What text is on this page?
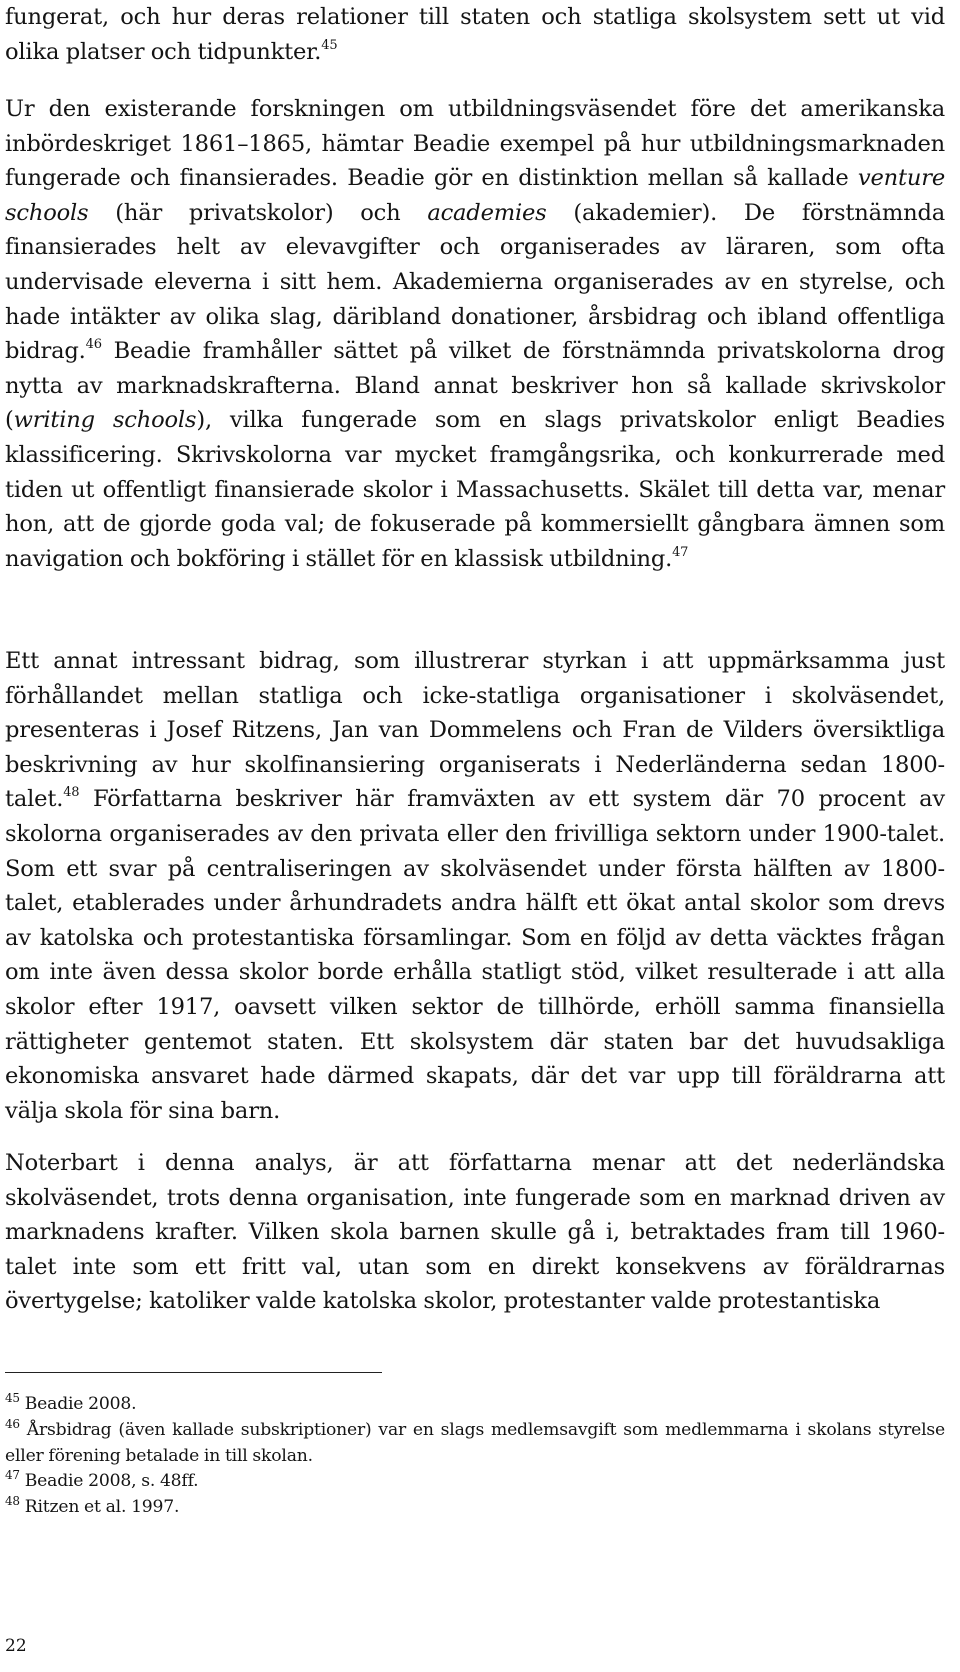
fungerat, och hur deras relationer till staten och statliga skolsystem sett ut vid olika platser och tidpunkter.$^{45}$

Ur den existerande forskningen om utbildningsväsendet före det amerikanska inbördeskriget 1861–1865, hämtar Beadie exempel på hur utbildningsmarknaden fungerade och finansierades. Beadie gör en distinktion mellan så kallade venture schools (här privatskolor) och academies (akademier). De förstnämnda finansierades helt av elevavgifter och organiserades av läraren, som ofta undervisade eleverna i sitt hem. Akademierna organiserades av en styrelse, och hade intäkter av olika slag, däribland donationer, årsbidrag och ibland offentliga bidrag.$^{46}$ Beadie framhåller sättet på vilket de förstnämnda privatskolorna drog nytta av marknadskrafterna. Bland annat beskriver hon så kallade skrivskolor (writing schools), vilka fungerade som en slags privatskolor enligt Beadies klassificering. Skrivskolorna var mycket framgångsrika, och konkurrerade med tiden ut offentligt finansierade skolor i Massachusetts. Skälet till detta var, menar hon, att de gjorde goda val; de fokuserade på kommersiellt gångbara ämnen som navigation och bokföring i stället för en klassisk utbildning.$^{47}$

Ett annat intressant bidrag, som illustrerar styrkan i att uppmärksamma just förhållandet mellan statliga och icke-statliga organisationer i skolväsendet, presenteras i Josef Ritzens, Jan van Dommelens och Fran de Vilders översiktliga beskrivning av hur skolfinansiering organiserats i Nederländerna sedan 1800-talet.$^{48}$ Författarna beskriver här framväxten av ett system där 70 procent av skolorna organiserades av den privata eller den frivilliga sektorn under 1900-talet. Som ett svar på centraliseringen av skolväsendet under första hälften av 1800-talet, etablerades under århundradets andra hälft ett ökat antal skolor som drevs av katolska och protestantiska församlingar. Som en följd av detta väcktes frågan om inte även dessa skolor borde erhålla statligt stöd, vilket resulterade i att alla skolor efter 1917, oavsett vilken sektor de tillhörde, erhöll samma finansiella rättigheter gentemot staten. Ett skolsystem där staten bar det huvudsakliga ekonomiska ansvaret hade därmed skapats, där det var upp till föräldrarna att välja skola för sina barn.

Noterbart i denna analys, är att författarna menar att det nederländska skolväsendet, trots denna organisation, inte fungerade som en marknad driven av marknadens krafter. Vilken skola barnen skulle gå i, betraktades fram till 1960-talet inte som ett fritt val, utan som en direkt konsekvens av föräldrarnas övertygelse; katoliker valde katolska skolor, protestanter valde protestantiska

$^{45}$ Beadie 2008.

$^{46}$ Årsbidrag (även kallade subskriptioner) var en slags medlemsavgift som medlemmarna i skolans styrelse eller förening betalade in till skolan.

$^{47}$ Beadie 2008, s. 48ff.

$^{48}$ Ritzen et al. 1997.

22
